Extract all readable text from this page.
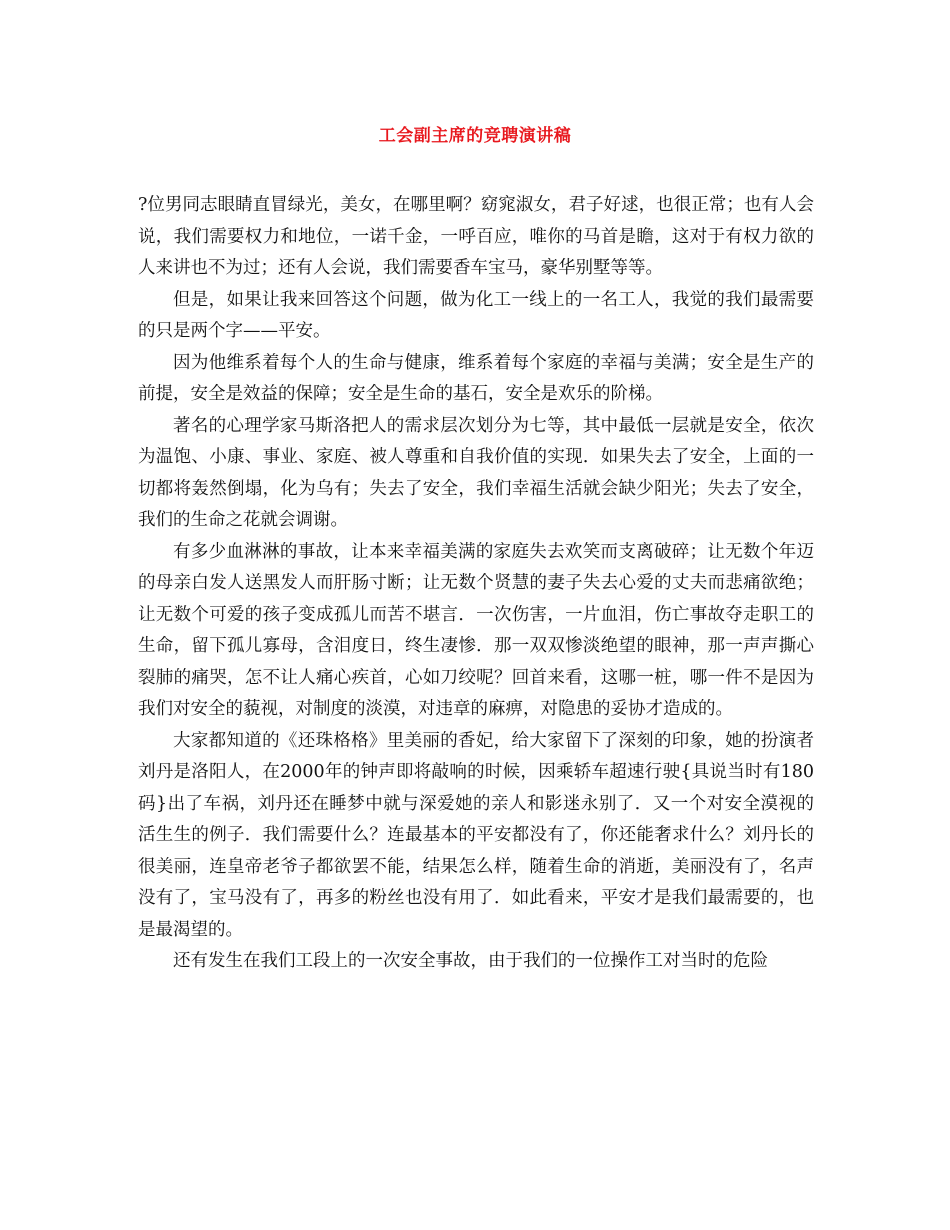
工会副主席的竞聘演讲稿

?位男同志眼睛直冒绿光，美女，在哪里啊？窈窕淑女，君子好逑，也很正常；也有人会说，我们需要权力和地位，一诺千金，一呼百应，唯你的马首是瞻，这对于有权力欲的人来讲也不为过；还有人会说，我们需要香车宝马，豪华别墅等等。

但是，如果让我来回答这个问题，做为化工一线上的一名工人，我觉的我们最需要的只是两个字——平安。

因为他维系着每个人的生命与健康，维系着每个家庭的幸福与美满；安全是生产的前提，安全是效益的保障；安全是生命的基石，安全是欢乐的阶梯。

著名的心理学家马斯洛把人的需求层次划分为七等，其中最低一层就是安全，依次为温饱、小康、事业、家庭、被人尊重和自我价值的实现．如果失去了安全，上面的一切都将轰然倒塌，化为乌有；失去了安全，我们幸福生活就会缺少阳光；失去了安全，我们的生命之花就会调谢。

有多少血淋淋的事故，让本来幸福美满的家庭失去欢笑而支离破碎；让无数个年迈的母亲白发人送黑发人而肝肠寸断；让无数个贤慧的妻子失去心爱的丈夫而悲痛欲绝；让无数个可爱的孩子变成孤儿而苦不堪言．一次伤害，一片血泪，伤亡事故夺走职工的生命，留下孤儿寡母，含泪度日，终生凄惨．那一双双惨淡绝望的眼神，那一声声撕心裂肺的痛哭，怎不让人痛心疾首，心如刀绞呢？回首来看，这哪一桩，哪一件不是因为我们对安全的藐视，对制度的淡漠，对违章的麻痹，对隐患的妥协才造成的。

大家都知道的《还珠格格》里美丽的香妃，给大家留下了深刻的印象，她的扮演者刘丹是洛阳人，在2000年的钟声即将敲响的时候，因乘轿车超速行驶{具说当时有180码}出了车祸，刘丹还在睡梦中就与深爱她的亲人和影迷永别了．又一个对安全漠视的活生生的例子．我们需要什么？连最基本的平安都没有了，你还能奢求什么？刘丹长的很美丽，连皇帝老爷子都欲罢不能，结果怎么样，随着生命的消逝，美丽没有了，名声没有了，宝马没有了，再多的粉丝也没有用了．如此看来，平安才是我们最需要的，也是最渴望的。

还有发生在我们工段上的一次安全事故，由于我们的一位操作工对当时的危险
